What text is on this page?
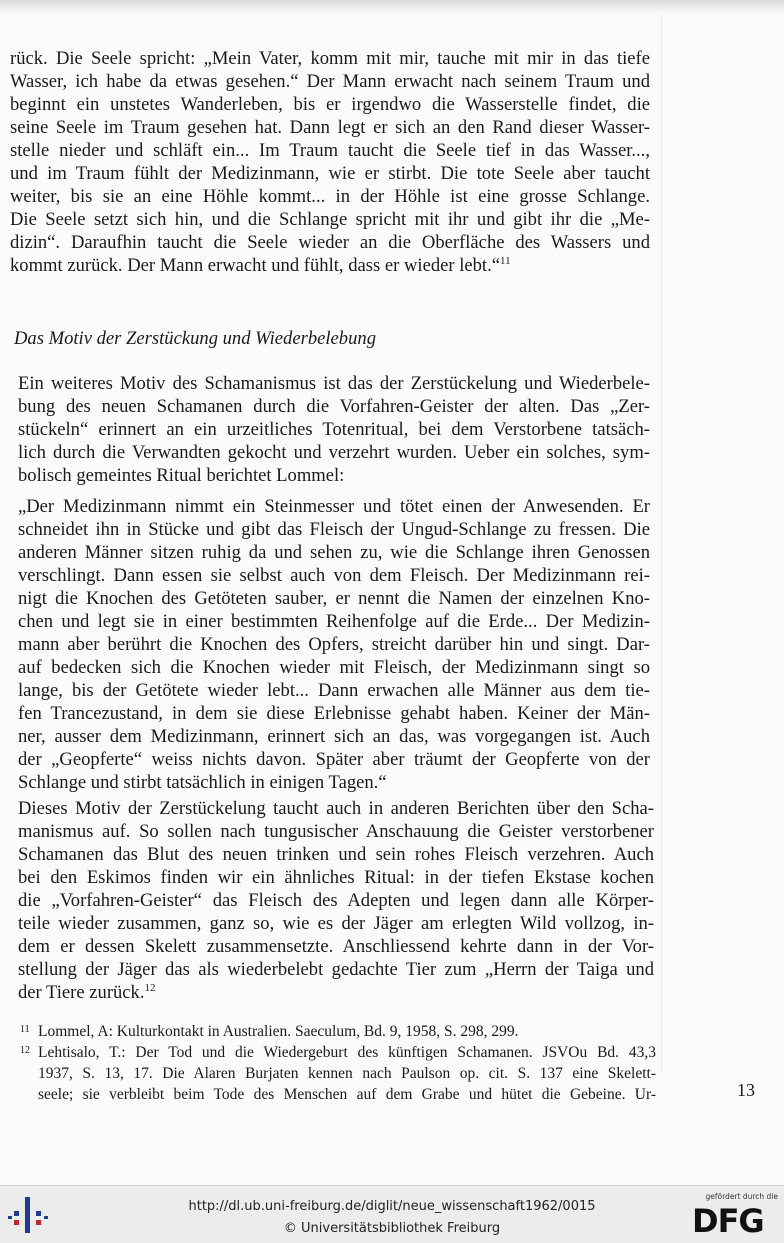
rück. Die Seele spricht: „Mein Vater, komm mit mir, tauche mit mir in das tiefe
Wasser, ich habe da etwas gesehen.“ Der Mann erwacht nach seinem Traum und
beginnt ein unstetes Wanderleben, bis er irgendwo die Wasserstelle findet, die
seine Seele im Traum gesehen hat. Dann legt er sich an den Rand dieser Wasser-
stelle nieder und schläft ein... Im Traum taucht die Seele tief in das Wasser...,
und im Traum fühlt der Medizinmann, wie er stirbt. Die tote Seele aber taucht
weiter, bis sie an eine Höhle kommt... in der Höhle ist eine grosse Schlange.
Die Seele setzt sich hin, und die Schlange spricht mit ihr und gibt ihr die „Me-
dizin“. Daraufhin taucht die Seele wieder an die Oberfläche des Wassers und
kommt zurück. Der Mann erwacht und fühlt, dass er wieder lebt.“$^{11}$
Das Motiv der Zerstückung und Wiederbelebung
Ein weiteres Motiv des Schamanismus ist das der Zerstückelung und Wiederbele-
bung des neuen Schamanen durch die Vorfahren-Geister der alten. Das „Zer-
stückeln“ erinnert an ein urzeitliches Totenritual, bei dem Verstorbene tatsäch-
lich durch die Verwandten gekocht und verzehrt wurden. Ueber ein solches, sym-
bolisch gemeintes Ritual berichtet Lommel:
„Der Medizinmann nimmt ein Steinmesser und tötet einen der Anwesenden. Er
schneidet ihn in Stücke und gibt das Fleisch der Ungud-Schlange zu fressen. Die
anderen Männer sitzen ruhig da und sehen zu, wie die Schlange ihren Genossen
verschlingt. Dann essen sie selbst auch von dem Fleisch. Der Medizinmann rei-
nigt die Knochen des Getöteten sauber, er nennt die Namen der einzelnen Kno-
chen und legt sie in einer bestimmten Reihenfolge auf die Erde... Der Medizin-
mann aber berührt die Knochen des Opfers, streicht darüber hin und singt. Dar-
auf bedecken sich die Knochen wieder mit Fleisch, der Medizinmann singt so
lange, bis der Getötete wieder lebt... Dann erwachen alle Männer aus dem tie-
fen Trancezustand, in dem sie diese Erlebnisse gehabt haben. Keiner der Män-
ner, ausser dem Medizinmann, erinnert sich an das, was vorgegangen ist. Auch
der „Geopferte“ weiss nichts davon. Später aber träumt der Geopferte von der
Schlange und stirbt tatsächlich in einigen Tagen.“
Dieses Motiv der Zerstückelung taucht auch in anderen Berichten über den Scha-
manismus auf. So sollen nach tungusischer Anschauung die Geister verstorbener
Schamanen das Blut des neuen trinken und sein rohes Fleisch verzehren. Auch
bei den Eskimos finden wir ein ähnliches Ritual: in der tiefen Ekstase kochen
die „Vorfahren-Geister“ das Fleisch des Adepten und legen dann alle Körper-
teile wieder zusammen, ganz so, wie es der Jäger am erlegten Wild vollzog, in-
dem er dessen Skelett zusammensetzte. Anschliessend kehrte dann in der Vor-
stellung der Jäger das als wiederbelebt gedachte Tier zum „Herrn der Taiga und
der Tiere zurück.$^{12}$
11 Lommel, A: Kulturkontakt in Australien. Saeculum, Bd. 9, 1958, S. 298, 299.
12 Lehtisalo, T.: Der Tod und die Wiedergeburt des künftigen Schamanen. JSVOu Bd. 43,3
1937, S. 13, 17. Die Alaren Burjaten kennen nach Paulson op. cit. S. 137 eine Skelett-
seele; sie verbleibt beim Tode des Menschen auf dem Grabe und hütet die Gebeine. Ur-	13
http://dl.ub.uni-freiburg.de/diglit/neue_wissenschaft1962/0015
© Universitätsbibliothek Freiburg
gefördert durch die
DFG
